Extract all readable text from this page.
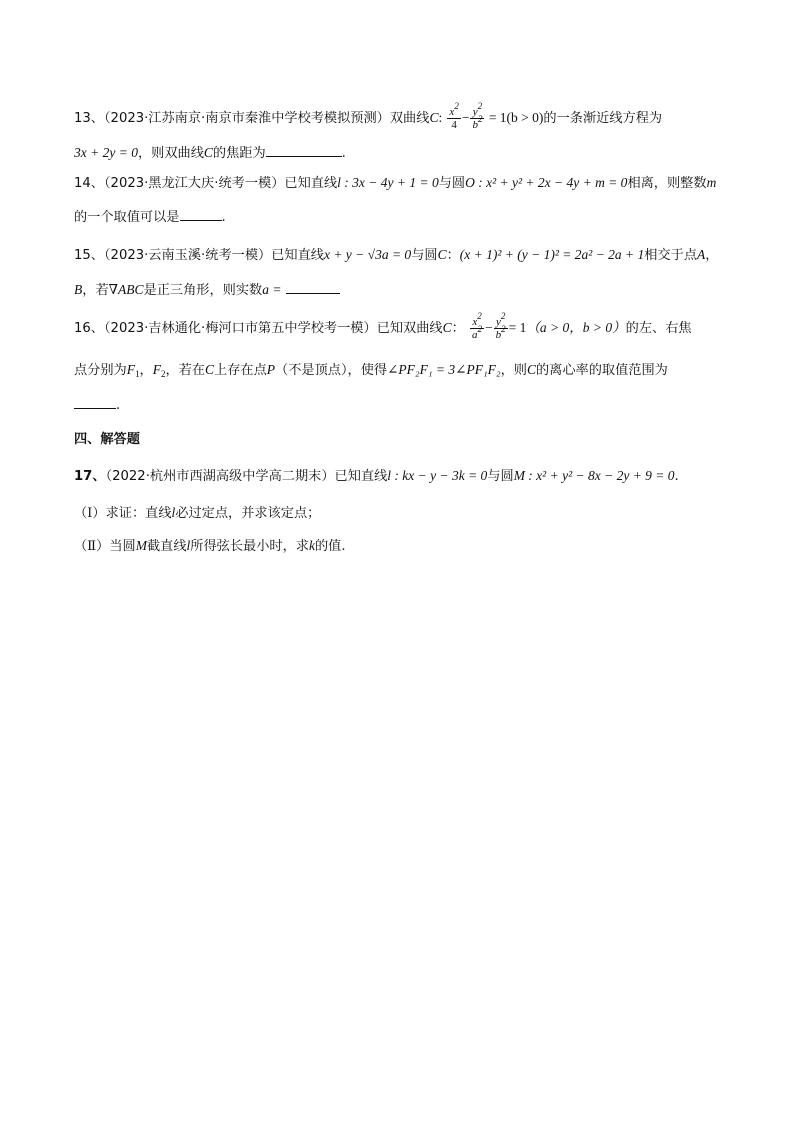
13、（2023·江苏南京·南京市秦淮中学校考模拟预测）双曲线C: $\frac{x^2}{4} - \frac{y^2}{b^2} = 1(b > 0)$的一条渐近线方程为
3x + 2y = 0，则双曲线C的焦距为	.
14、（2023·黑龙江大庆·统考一模）已知直线l : 3x − 4y + 1 = 0与圆O : x² + y² + 2x − 4y + m = 0相离，则整数m
的一个取值可以是	.
15、（2023·云南玉溪·统考一模）已知直线x + y − √3a = 0与圆C：(x + 1)² + (y − 1)² = 2a² − 2a + 1相交于点A，
B，若∇ABC是正三角形，则实数a =
16、（2023·吉林通化·梅河口市第五中学校考一模）已知双曲线C： $\frac{x^2}{a^2} - \frac{y^2}{b^2} = 1(a > 0$，b > 0）的左、右焦
点分别为$F_1$，$F_2$，若在C上存在点P（不是顶点），使得∠PF₂F₁ = 3∠PF₁F₂，则C的离心率的取值范围为
.
四、解答题
17、（2022·杭州市西湖高级中学高二期末）已知直线l : kx − y − 3k = 0与圆M : x² + y² − 8x − 2y + 9 = 0.
（Ⅰ）求证：直线l必过定点，并求该定点；
（Ⅱ）当圆M截直线l所得弦长最小时，求k的值.
